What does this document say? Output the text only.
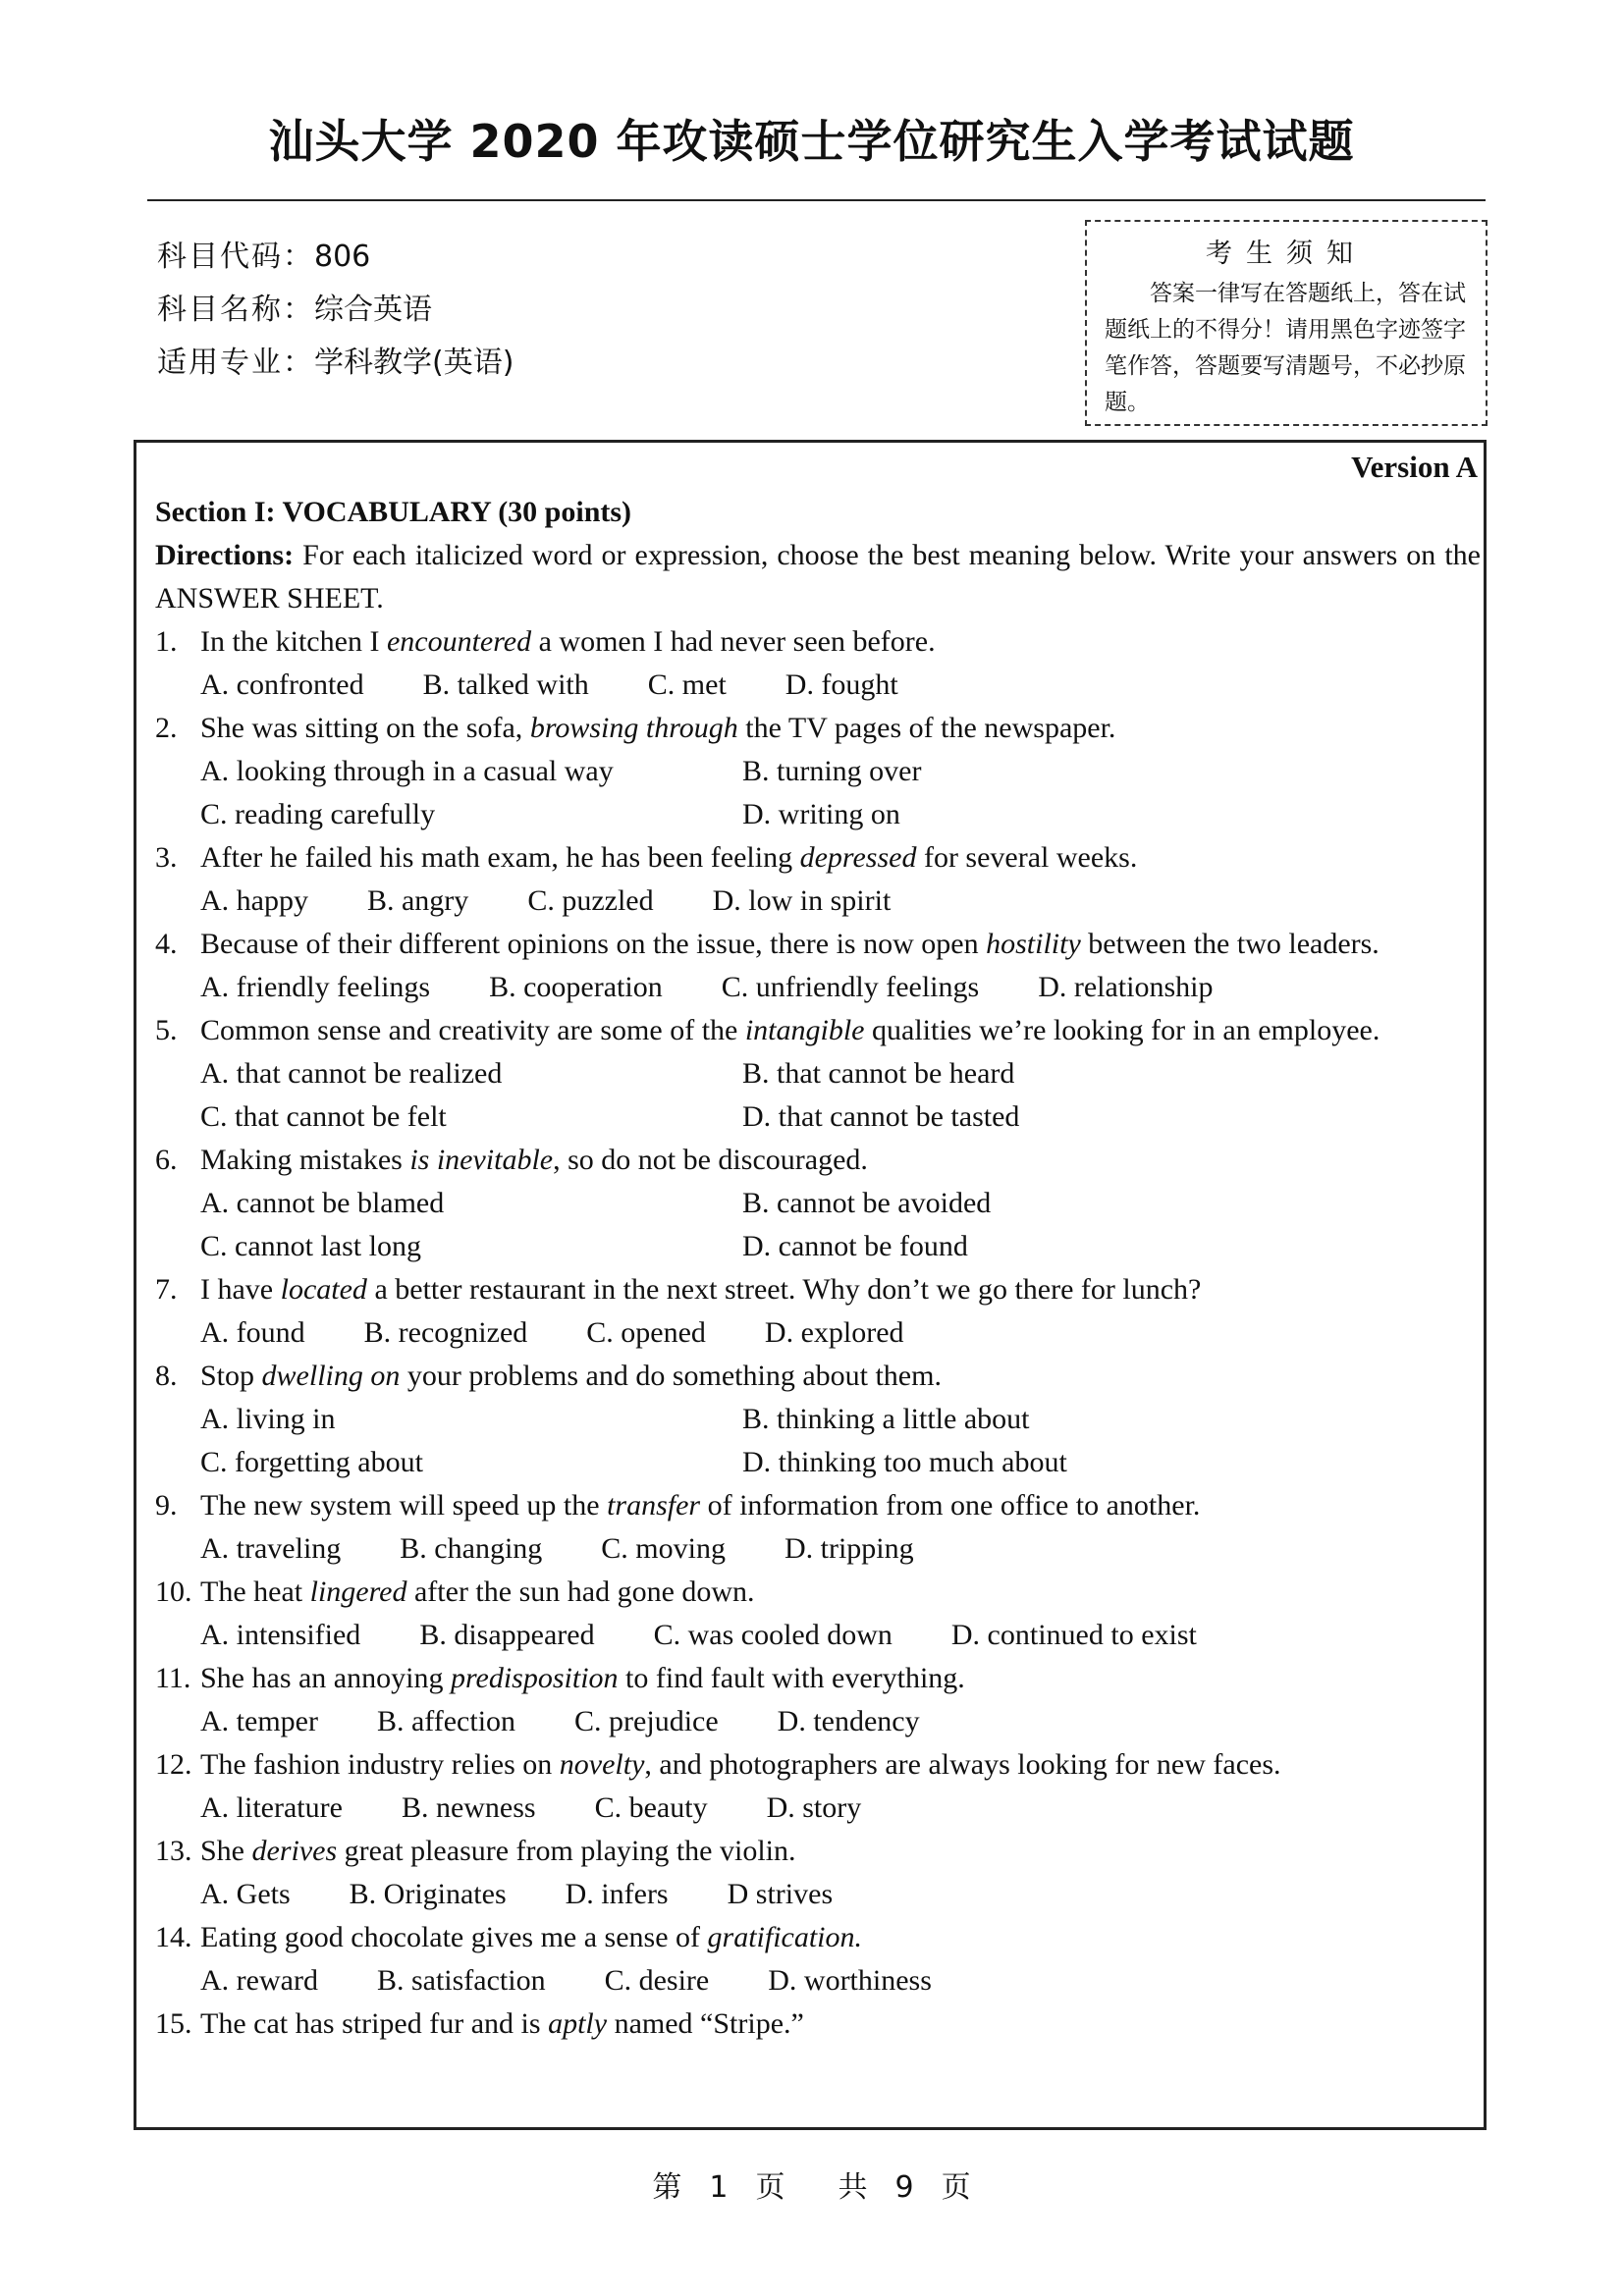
汕头大学 2020 年攻读硕士学位研究生入学考试试题
科目代码：806
科目名称：综合英语
适用专业：学科教学(英语)
考生须知
答案一律写在答题纸上，答在试题纸上的不得分！请用黑色字迹签字笔作答，答题要写清题号，不必抄原题。
Version A
Section I: VOCABULARY (30 points)
Directions: For each italicized word or expression, choose the best meaning below. Write your answers on the ANSWER SHEET.
1. In the kitchen I encountered a women I had never seen before.
A. confronted B. talked with C. met D. fought
2. She was sitting on the sofa, browsing through the TV pages of the newspaper.
A. looking through in a casual way	B. turning over
C. reading carefully	D. writing on
3. After he failed his math exam, he has been feeling depressed for several weeks.
A. happy B. angry C. puzzled D. low in spirit
4. Because of their different opinions on the issue, there is now open hostility between the two leaders.
A. friendly feelings B. cooperation C. unfriendly feelings D. relationship
5. Common sense and creativity are some of the intangible qualities we’re looking for in an employee.
A. that cannot be realized	B. that cannot be heard
C. that cannot be felt	D. that cannot be tasted
6. Making mistakes is inevitable, so do not be discouraged.
A. cannot be blamed	B. cannot be avoided
C. cannot last long	D. cannot be found
7. I have located a better restaurant in the next street. Why don’t we go there for lunch?
A. found B. recognized C. opened D. explored
8. Stop dwelling on your problems and do something about them.
A. living in	B. thinking a little about
C. forgetting about	D. thinking too much about
9. The new system will speed up the transfer of information from one office to another.
A. traveling B. changing C. moving D. tripping
10. The heat lingered after the sun had gone down.
A. intensified B. disappeared C. was cooled down D. continued to exist
11. She has an annoying predisposition to find fault with everything.
A. temper B. affection C. prejudice D. tendency
12. The fashion industry relies on novelty, and photographers are always looking for new faces.
A. literature B. newness C. beauty D. story
13. She derives great pleasure from playing the violin.
A. Gets B. Originates D. infers D strives
14. Eating good chocolate gives me a sense of gratification.
A. reward B. satisfaction C. desire D. worthiness
15. The cat has striped fur and is aptly named “Stripe.”
第 1 页 共 9 页
